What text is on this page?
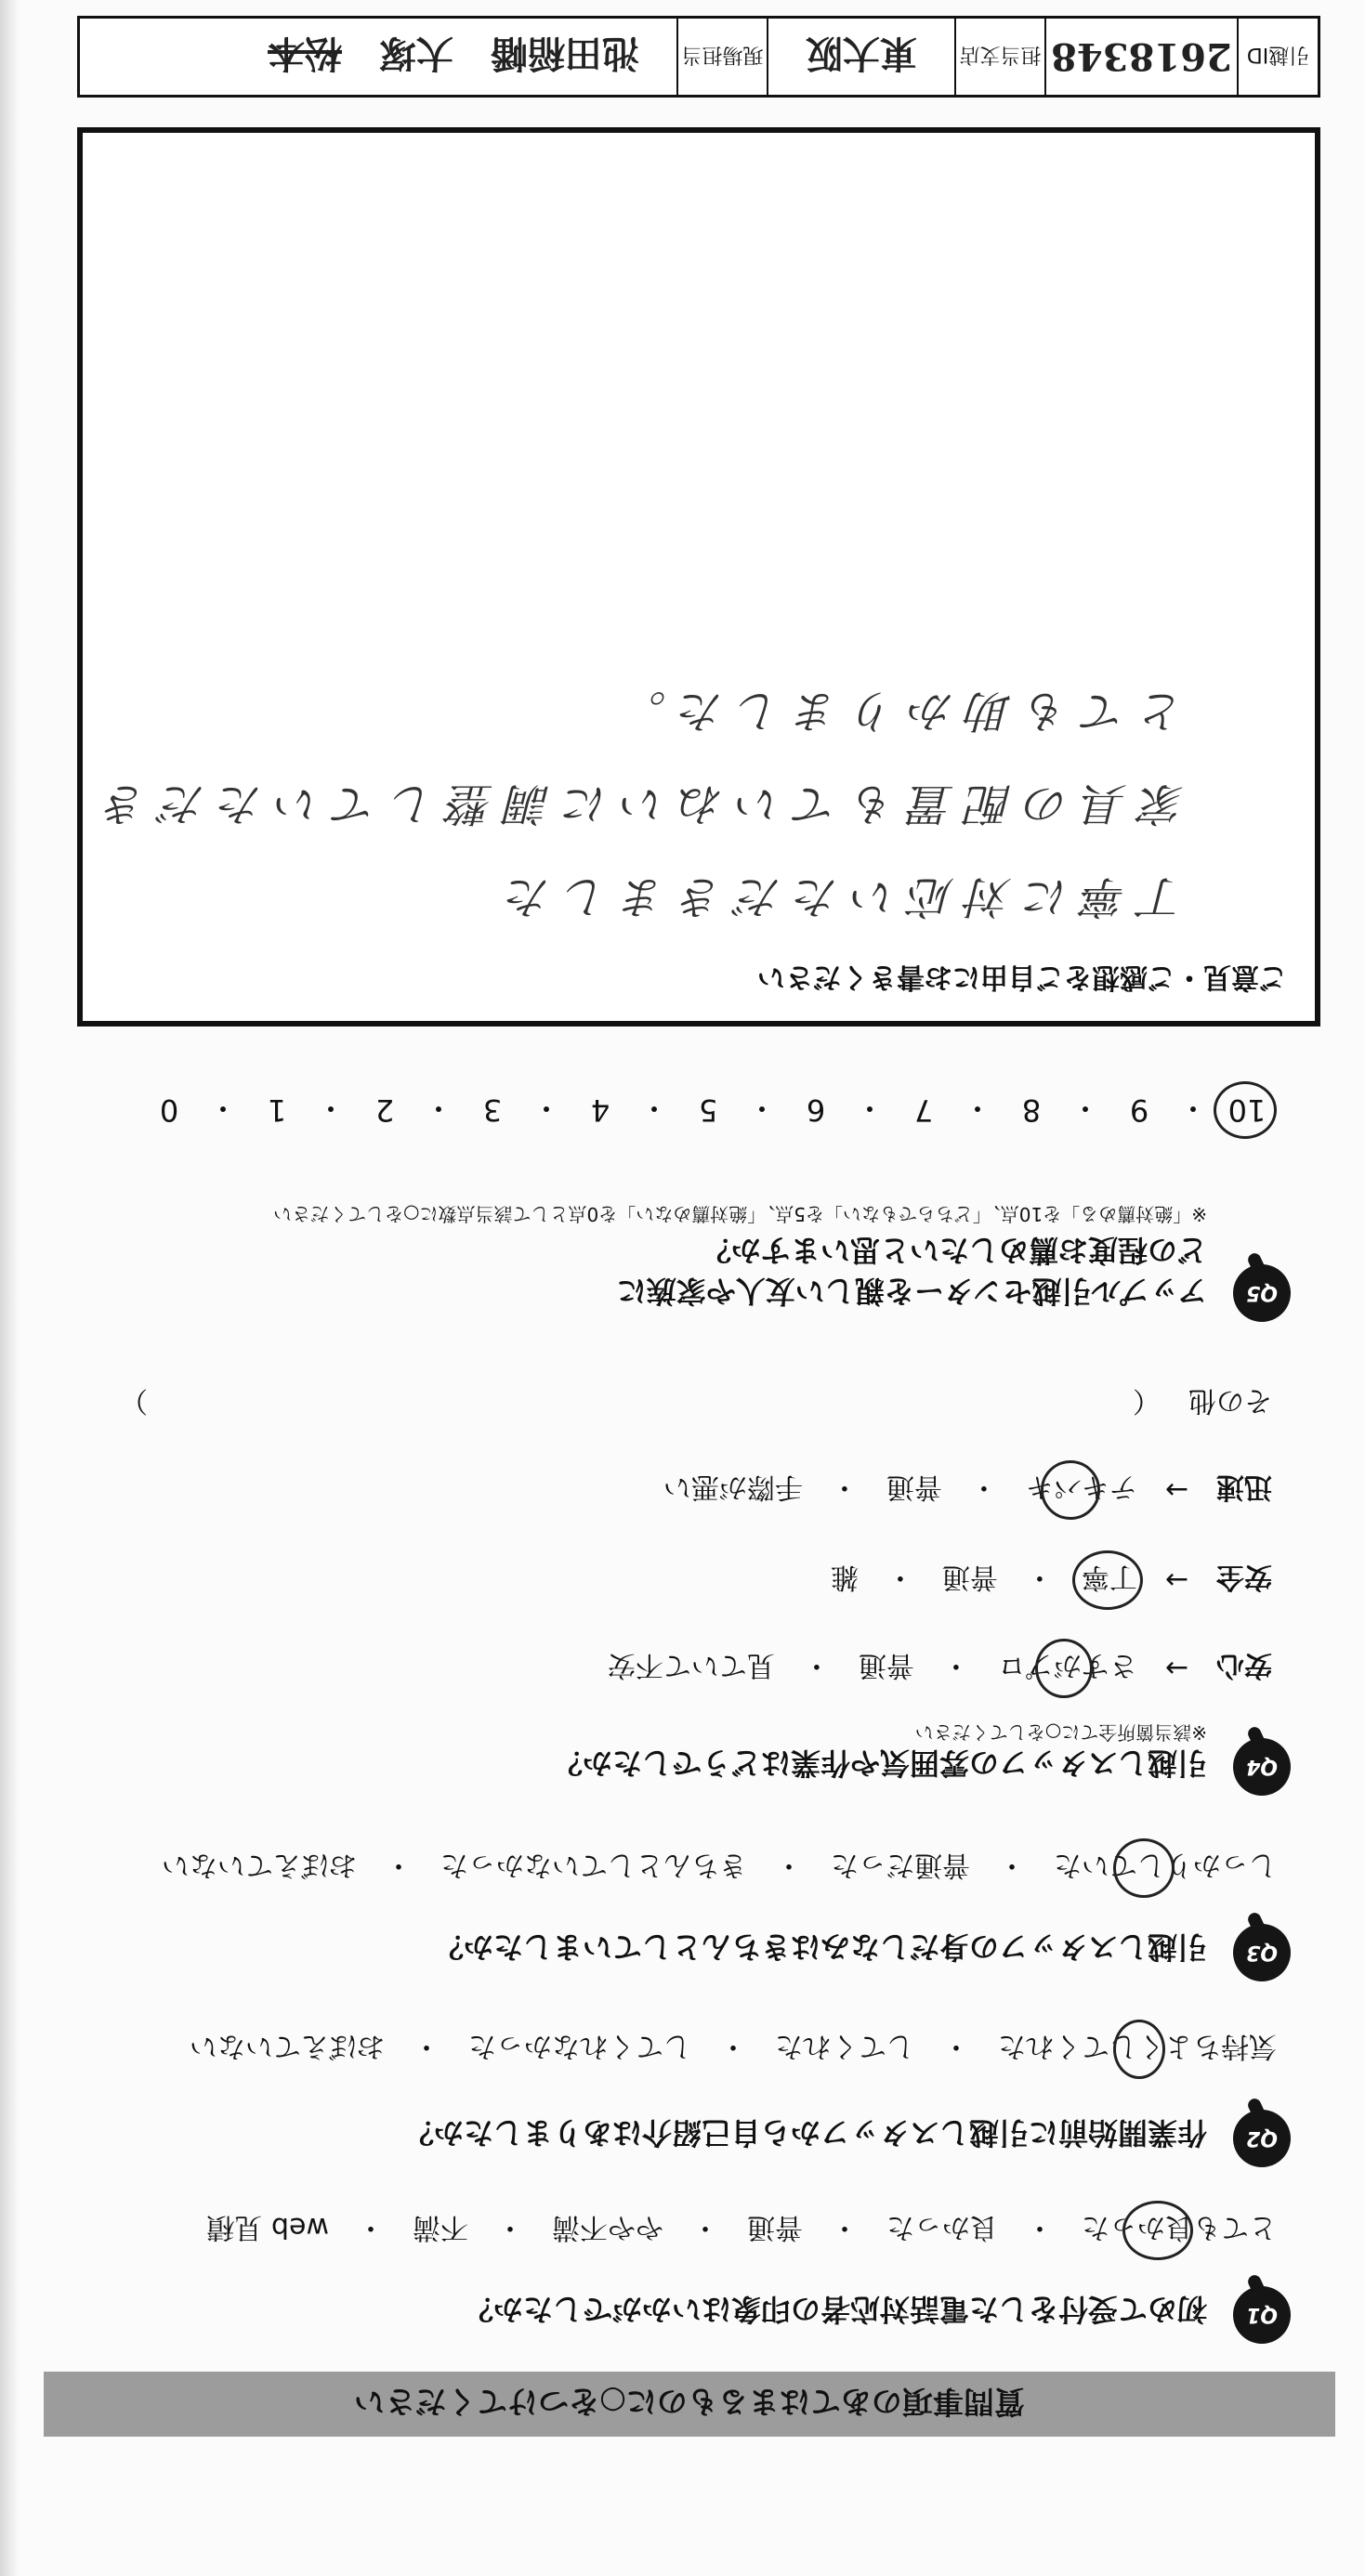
質問事項のあてはまるものに○をつけてください
Q1
初めて受付をした電話対応者の印象はいかがでしたか？
とても良かった
・
良かった
・
普通
・
やや不満
・
不満
・
web 見積
Q2
作業開始前に引越しスタッフから自己紹介はありましたか？
気持ちよくしてくれた
・
してくれた
・
してくれなかった
・
おぼえていない
Q3
引越しスタッフの身だしなみはきちんとしていましたか？
しっかりしていた
・
普通だった
・
きちんとしていなかった
・
おぼえていない
Q4
引越しスタッフの雰囲気や作業はどうでしたか？
※該当箇所全てに○をしてください
安心
→
さすがプロ
・
普通
・
見ていて不安
安全
→
丁寧
・
普通
・
雑
迅速
→
テキパキ
・
普通
・
手際が悪い
その他
（
）
Q5
アップル引越センターを親しい友人や家族に
どの程度お薦めしたいと思いますか？
※「絶対薦める」を10点、「どちらでもない」を5点、「絶対薦めない」を0点として該当点数に○をしてください
10
・
9
・
8
・
7
・
6
・
5
・
4
・
3
・
2
・
1
・
0
ご意見・ご感想をご自由にお書きください
丁寧に対応いただきました
家具の配置もていねいに調整していただき
とても助かりました。
引越ID
2618348
担当支店
東大阪
現場担当
池田稲幡
大塚
松本
